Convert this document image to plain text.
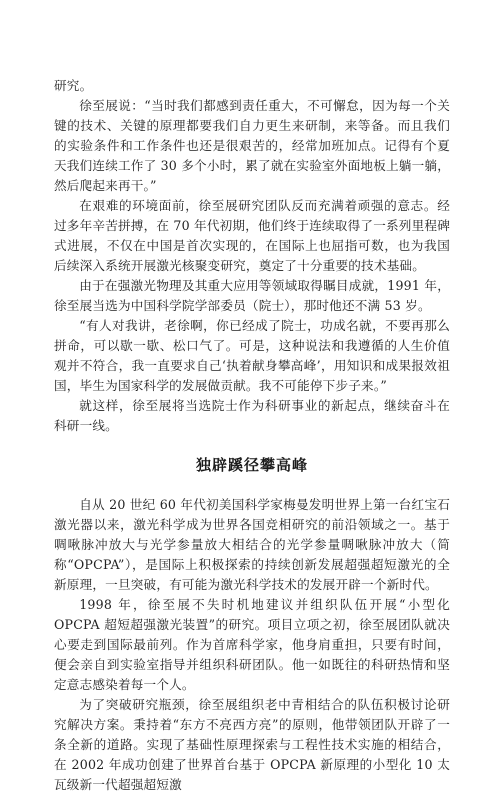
研究。

徐至展说：“当时我们都感到责任重大，不可懈怠，因为每一个关键的技术、关键的原理都要我们自力更生来研制，来等备。而且我们的实验条件和工作条件也还是很艰苦的，经常加班加点。记得有个夏天我们连续工作了 30 多个小时，累了就在实验室外面地板上躺一躺，然后爬起来再干。”

在艰难的环境面前，徐至展研究团队反而充满着顽强的意志。经过多年辛苦拼搏，在 70 年代初期，他们终于连续取得了一系列里程碑式进展，不仅在中国是首次实现的，在国际上也屈指可数，也为我国后续深入系统开展激光核聚变研究，奠定了十分重要的技术基础。

由于在强激光物理及其重大应用等领域取得瞩目成就，1991 年，徐至展当选为中国科学院学部委员（院士），那时他还不满 53 岁。

“有人对我讲，老徐啊，你已经成了院士，功成名就，不要再那么拼命，可以歇一歇、松口气了。可是，这种说法和我遵循的人生价值观并不符合，我一直要求自己‘执着献身攀高峰’，用知识和成果报效祖国，毕生为国家科学的发展做贡献。我不可能停下步子来。”

就这样，徐至展将当选院士作为科研事业的新起点，继续奋斗在科研一线。

独辟蹊径攀高峰

自从 20 世纪 60 年代初美国科学家梅曼发明世界上第一台红宝石激光器以来，激光科学成为世界各国竞相研究的前沿领域之一。基于啁啾脉冲放大与光学参量放大相结合的光学参量啁啾脉冲放大（简称“OPCPA”），是国际上积极探索的持续创新发展超强超短激光的全新原理，一旦突破，有可能为激光科学技术的发展开辟一个新时代。

1998 年，徐至展不失时机地建议并组织队伍开展“小型化 OPCPA 超短超强激光装置”的研究。项目立项之初，徐至展团队就决心要走到国际最前列。作为首席科学家，他身肩重担，只要有时间，便会亲自到实验室指导并组织科研团队。他一如既往的科研热情和坚定意志感染着每一个人。

为了突破研究瓶颈，徐至展组织老中青相结合的队伍积极讨论研究解决方案。秉持着“东方不亮西方亮”的原则，他带领团队开辟了一条全新的道路。实现了基础性原理探索与工程性技术实施的相结合，在 2002 年成功创建了世界首台基于 OPCPA 新原理的小型化 10 太瓦级新一代超强超短激
